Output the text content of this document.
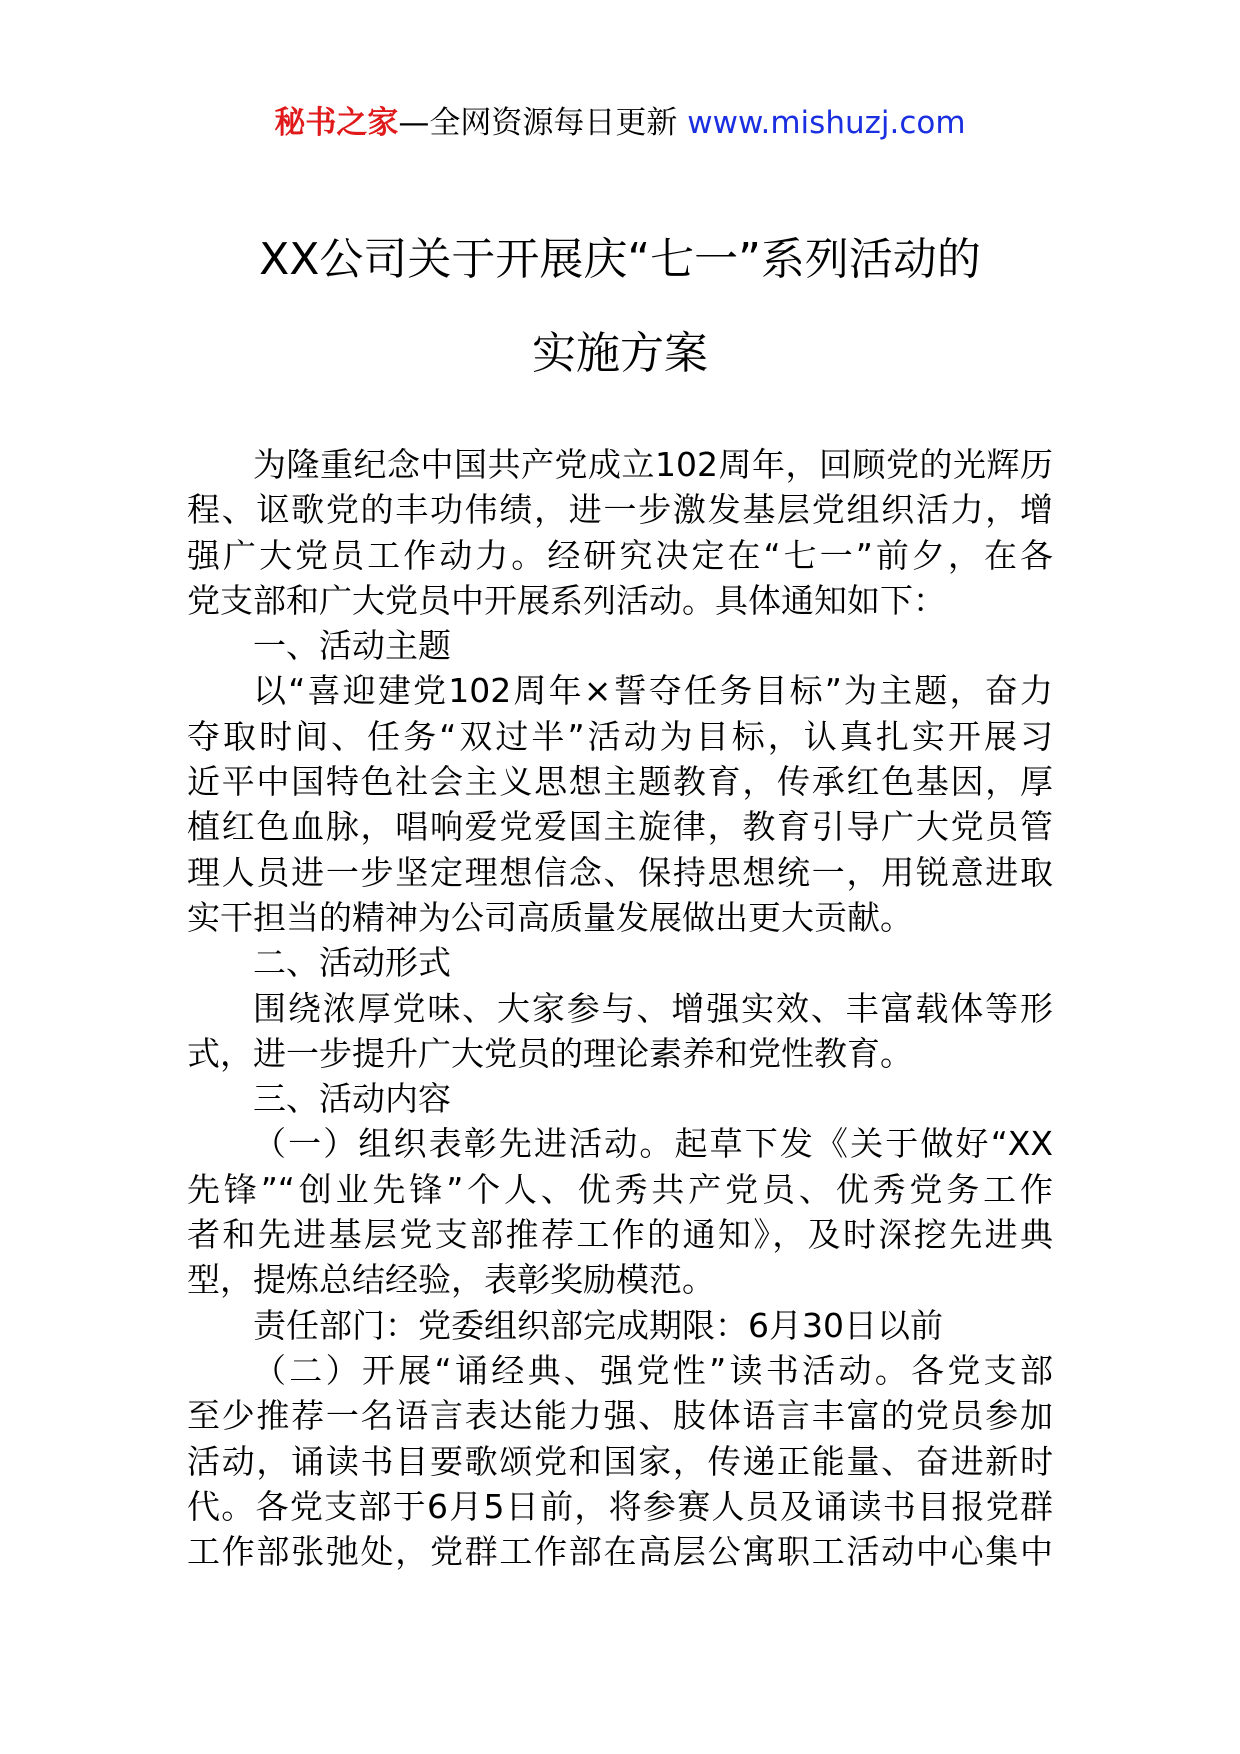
秘书之家—全网资源每日更新 www.mishuzj.com
XX公司关于开展庆“七一”系列活动的
实施方案
为隆重纪念中国共产党成立102周年，回顾党的光辉历
程、讴歌党的丰功伟绩，进一步激发基层党组织活力，增
强广大党员工作动力。经研究决定在“七一”前夕，在各
党支部和广大党员中开展系列活动。具体通知如下：
一、活动主题
以“喜迎建党102周年×誓夺任务目标”为主题，奋力
夺取时间、任务“双过半”活动为目标，认真扎实开展习
近平中国特色社会主义思想主题教育，传承红色基因，厚
植红色血脉，唱响爱党爱国主旋律，教育引导广大党员管
理人员进一步坚定理想信念、保持思想统一，用锐意进取
实干担当的精神为公司高质量发展做出更大贡献。
二、活动形式
围绕浓厚党味、大家参与、增强实效、丰富载体等形
式，进一步提升广大党员的理论素养和党性教育。
三、活动内容
（一）组织表彰先进活动。起草下发《关于做好“XX
先锋”“创业先锋”个人、优秀共产党员、优秀党务工作
者和先进基层党支部推荐工作的通知》，及时深挖先进典
型，提炼总结经验，表彰奖励模范。
责任部门：党委组织部完成期限：6月30日以前
（二）开展“诵经典、强党性”读书活动。各党支部
至少推荐一名语言表达能力强、肢体语言丰富的党员参加
活动，诵读书目要歌颂党和国家，传递正能量、奋进新时
代。各党支部于6月5日前，将参赛人员及诵读书目报党群
工作部张弛处，党群工作部在高层公寓职工活动中心集中
